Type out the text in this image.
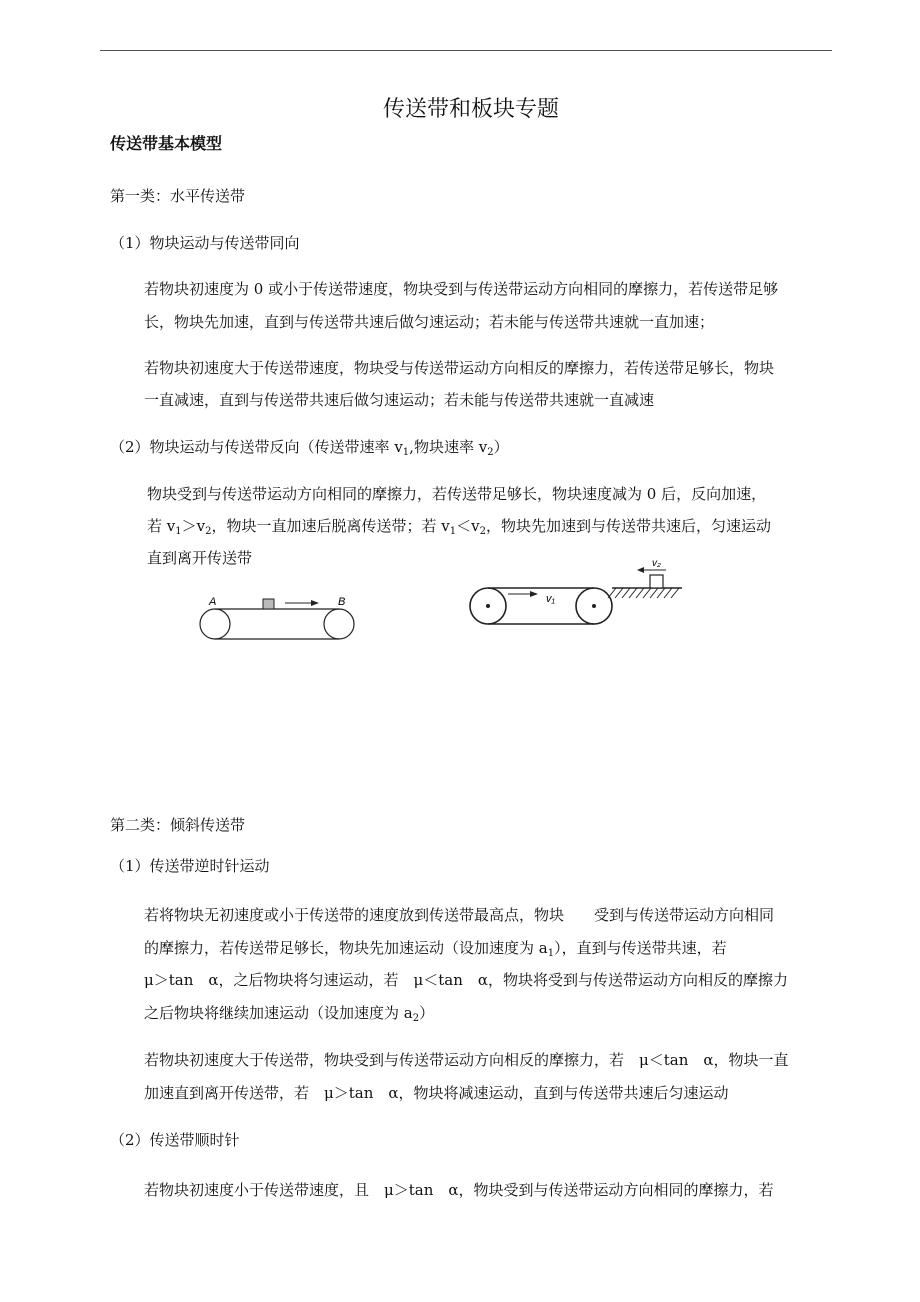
传送带和板块专题
传送带基本模型
第一类：水平传送带
（1）物块运动与传送带同向
若物块初速度为 0 或小于传送带速度，物块受到与传送带运动方向相同的摩擦力，若传送带足够
长，物块先加速，直到与传送带共速后做匀速运动；若未能与传送带共速就一直加速；
若物块初速度大于传送带速度，物块受与传送带运动方向相反的摩擦力，若传送带足够长，物块
一直减速，直到与传送带共速后做匀速运动；若未能与传送带共速就一直减速
（2）物块运动与传送带反向（传送带速率 $v_1$,物块速率 $v_2$）
物块受到与传送带运动方向相同的摩擦力，若传送带足够长，物块速度减为 0 后，反向加速，
若 $v_1>v_2$，物块一直加速后脱离传送带；若 $v_1<v_2$，物块先加速到与传送带共速后，匀速运动
直到离开传送带
A	B	v₁
v₂
第二类：倾斜传送带
（1）传送带逆时针运动
若将物块无初速度或小于传送带的速度放到传送带最高点，物块　　受到与传送带运动方向相同
的摩擦力，若传送带足够长，物块先加速运动（设加速度为 $a_1$），直到与传送带共速，若
μ＞tan　α，之后物块将匀速运动，若　μ＜tan　α，物块将受到与传送带运动方向相反的摩擦力
之后物块将继续加速运动（设加速度为 $a_2$）
若物块初速度大于传送带，物块受到与传送带运动方向相反的摩擦力，若　μ＜tan　α，物块一直
加速直到离开传送带，若　μ＞tan　α，物块将减速运动，直到与传送带共速后匀速运动
（2）传送带顺时针
若物块初速度小于传送带速度，且　μ＞tan　α，物块受到与传送带运动方向相同的摩擦力，若
